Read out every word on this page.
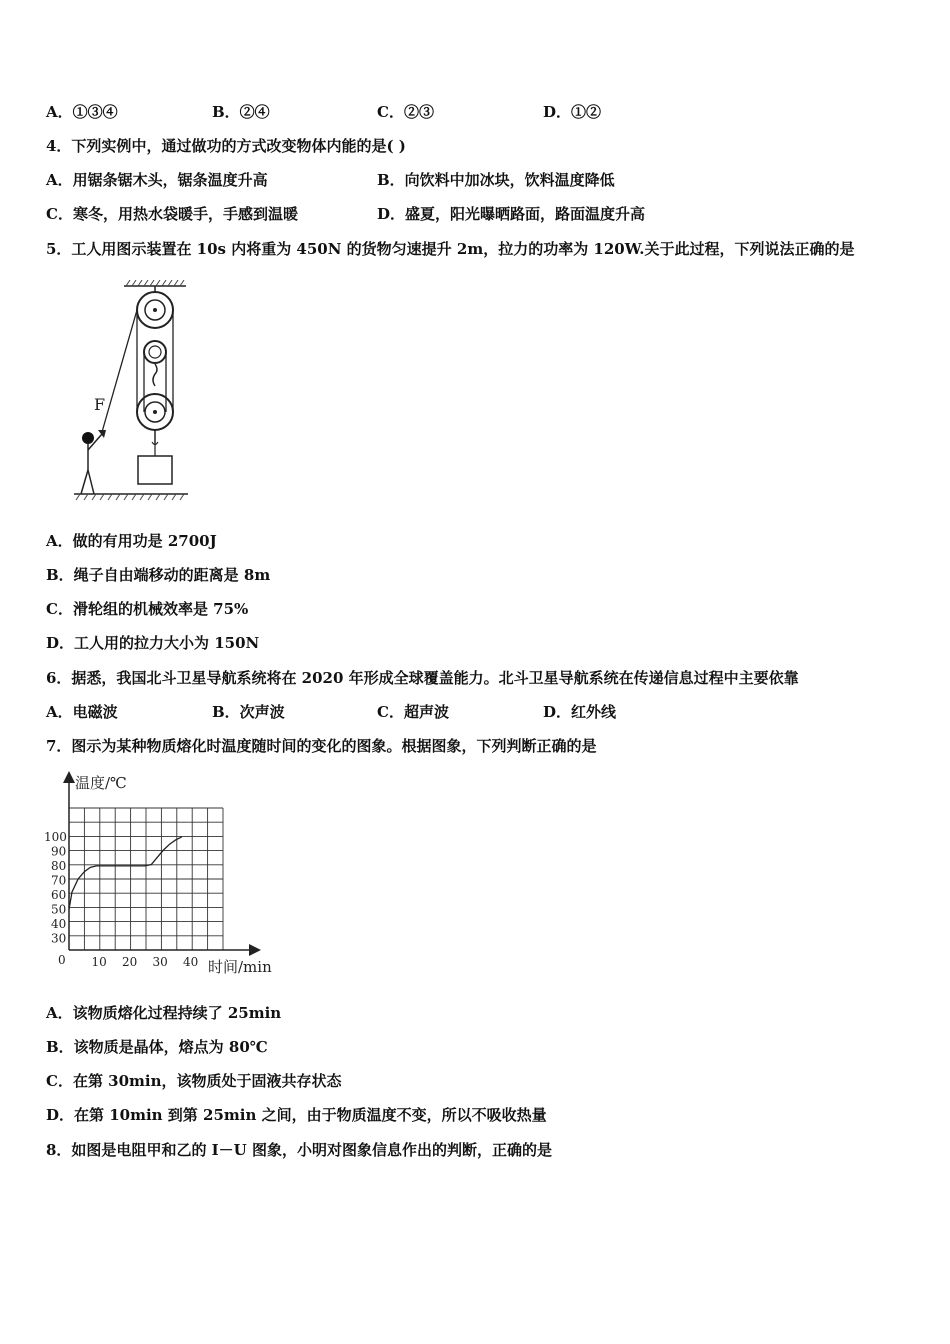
A．①③④	B．②④	C．②③	D．①②
4．下列实例中，通过做功的方式改变物体内能的是( )
A．用锯条锯木头，锯条温度升高	B．向饮料中加冰块，饮料温度降低
C．寒冬，用热水袋暖手，手感到温暖	D．盛夏，阳光曝晒路面，路面温度升高
5．工人用图示装置在 10s 内将重为 450N 的货物匀速提升 2m，拉力的功率为 120W.关于此过程，下列说法正确的是
F
A．做的有用功是 2700J
B．绳子自由端移动的距离是 8m
C．滑轮组的机械效率是 75%
D．工人用的拉力大小为 150N
6．据悉，我国北斗卫星导航系统将在 2020 年形成全球覆盖能力。北斗卫星导航系统在传递信息过程中主要依靠
A．电磁波	B．次声波	C．超声波	D．红外线
7．图示为某种物质熔化时温度随时间的变化的图象。根据图象，下列判断正确的是
温度/℃
时间/min
0 10 20 30 40
100
90
80
70
60
50
40
30
A．该物质熔化过程持续了 25min
B．该物质是晶体，熔点为 80℃
C．在第 30min，该物质处于固液共存状态
D．在第 10min 到第 25min 之间，由于物质温度不变，所以不吸收热量
8．如图是电阻甲和乙的 I－U 图象，小明对图象信息作出的判断，正确的是
